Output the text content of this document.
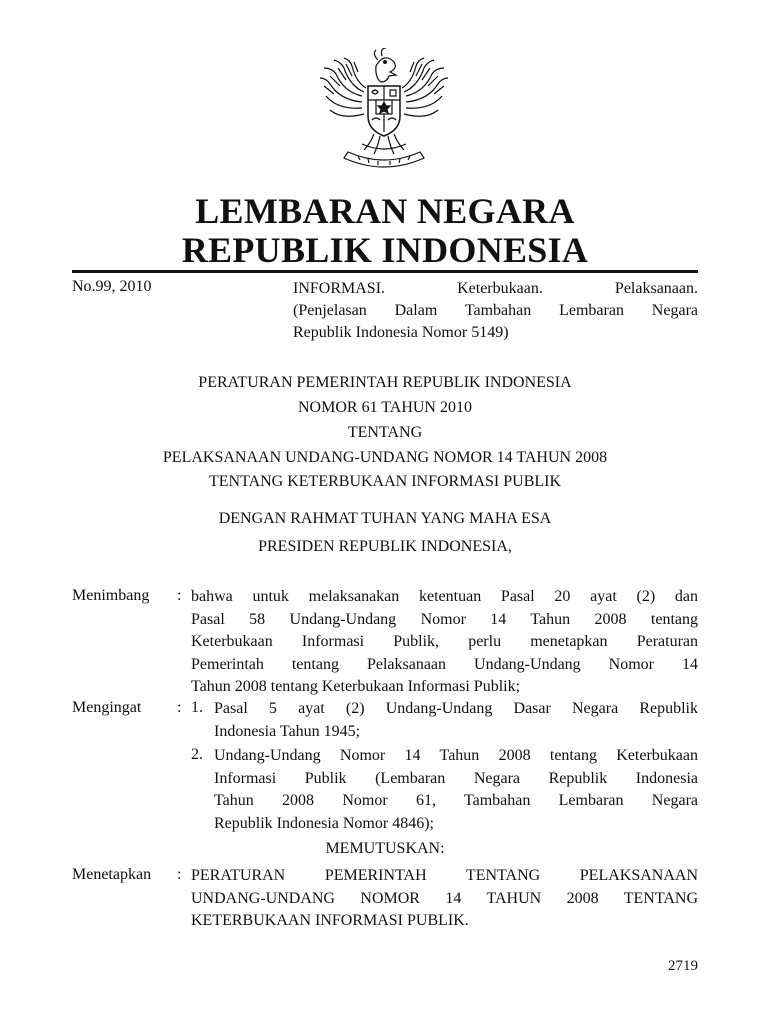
LEMBARAN NEGARA
REPUBLIK INDONESIA
No.99, 2010	INFORMASI.       Keterbukaan.       Pelaksanaan.
(Penjelasan Dalam Tambahan Lembaran Negara
Republik Indonesia Nomor 5149)
PERATURAN PEMERINTAH REPUBLIK INDONESIA
NOMOR 61 TAHUN 2010
TENTANG
PELAKSANAAN UNDANG-UNDANG NOMOR 14 TAHUN 2008
TENTANG KETERBUKAAN INFORMASI PUBLIK
DENGAN RAHMAT TUHAN YANG MAHA ESA
PRESIDEN REPUBLIK INDONESIA,
Menimbang : bahwa untuk melaksanakan ketentuan Pasal 20 ayat (2) dan
Pasal 58 Undang-Undang Nomor 14 Tahun 2008 tentang
Keterbukaan Informasi Publik, perlu menetapkan Peraturan
Pemerintah tentang Pelaksanaan Undang-Undang Nomor 14
Tahun 2008 tentang Keterbukaan Informasi Publik;
Mengingat : 1. Pasal 5 ayat (2) Undang-Undang Dasar Negara Republik
Indonesia Tahun 1945;
2. Undang-Undang Nomor 14 Tahun 2008 tentang Keterbukaan
Informasi Publik (Lembaran Negara Republik Indonesia
Tahun 2008 Nomor 61, Tambahan Lembaran Negara
Republik Indonesia Nomor 4846);
MEMUTUSKAN:
Menetapkan : PERATURAN PEMERINTAH TENTANG PELAKSANAAN
UNDANG-UNDANG NOMOR 14 TAHUN 2008 TENTANG
KETERBUKAAN INFORMASI PUBLIK.
2719
